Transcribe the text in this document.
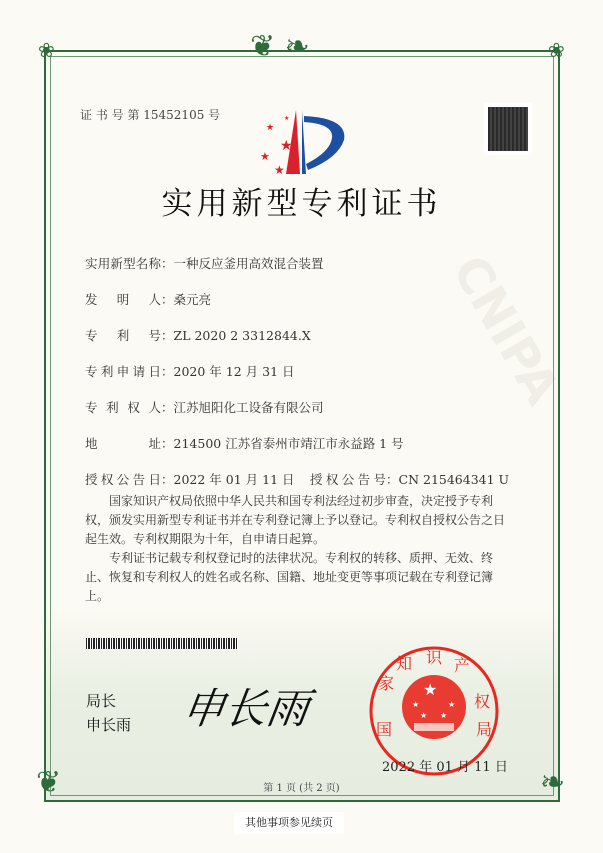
❦ ❧
❀	❀
❦	❧
CNIPA
证 书 号 第 15452105 号
★
★
★
★
★
实用新型专利证书
实用新型名称：一种反应釜用高效混合装置
发明人：桑元亮
专利号：ZL 2020 2 3312844.X
专利申请日：2020 年 12 月 31 日
专利权人：江苏旭阳化工设备有限公司
地址：214500 江苏省泰州市靖江市永益路 1 号
授权公告日：2022 年 01 月 11 日 授权公告号：CN 215464341 U

国家知识产权局依照中华人民共和国专利法经过初步审查，决定授予专利权，颁发实用新型专利证书并在专利登记簿上予以登记。专利权自授权公告之日起生效。专利权期限为十年，自申请日起算。

专利证书记载专利权登记时的法律状况。专利权的转移、质押、无效、终止、恢复和专利权人的姓名或名称、国籍、地址变更等事项记载在专利登记簿上。

局长
申长雨 申长雨	★
★	★
★ ★
家
知 识 产
权
国	局
2022 年 01 月 11 日
第 1 页 (共 2 页)
其他事项参见续页
